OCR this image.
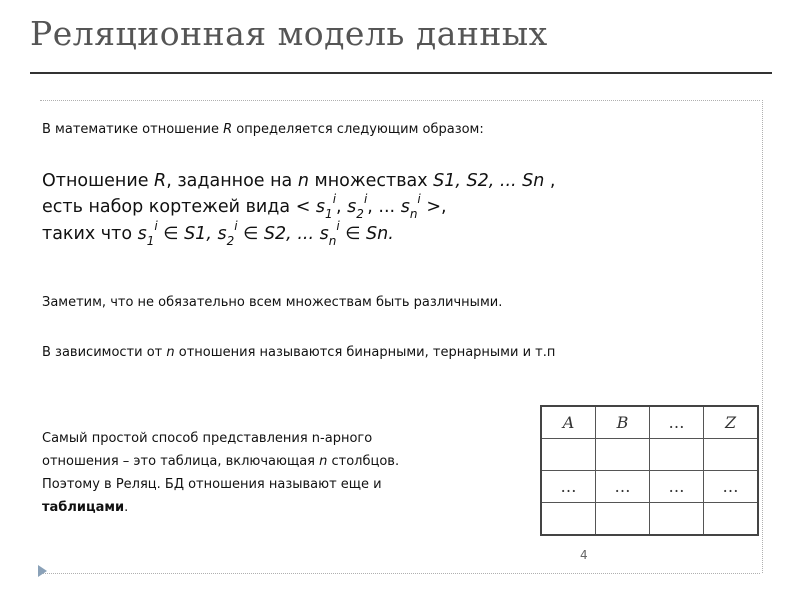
Реляционная модель данных
В математике отношение R определяется следующим образом:
Отношение R, заданное на n множествах S1, S2, ... Sn ,
есть набор кортежей вида < $s_1^i$, $s_2^i$, ... $s_n^i$ >,
таких что $s_1^i$ ∈ S1, $s_2^i$ ∈ S2, ... $s_n^i$ ∈ Sn.
Заметим, что не обязательно всем множествам быть различными.
В зависимости от n отношения называются бинарными, тернарными и т.п
Самый простой способ представления n-арного
отношения – это таблица, включающая n столбцов.
Поэтому в Реляц. БД отношения называют еще и
таблицами.
A	B	…	Z

…	…	…	…

4
